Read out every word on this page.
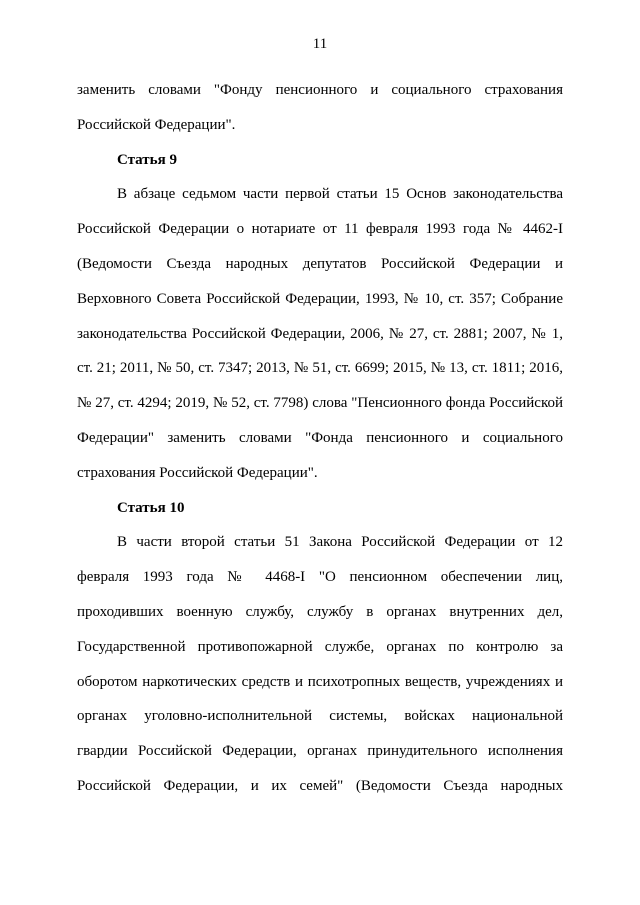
11

заменить словами "Фонду пенсионного и социального страхования Российской Федерации".

Статья 9

В абзаце седьмом части первой статьи 15 Основ законодательства Российской Федерации о нотариате от 11 февраля 1993 года № 4462-I (Ведомости Съезда народных депутатов Российской Федерации и Верховного Совета Российской Федерации, 1993, № 10, ст. 357; Собрание законодательства Российской Федерации, 2006, № 27, ст. 2881; 2007, № 1, ст. 21; 2011, № 50, ст. 7347; 2013, № 51, ст. 6699; 2015, № 13, ст. 1811; 2016, № 27, ст. 4294; 2019, № 52, ст. 7798) слова "Пенсионного фонда Российской Федерации" заменить словами "Фонда пенсионного и социального страхования Российской Федерации".

Статья 10

В части второй статьи 51 Закона Российской Федерации от 12 февраля 1993 года № 4468-I "О пенсионном обеспечении лиц, проходивших военную службу, службу в органах внутренних дел, Государственной противопожарной службе, органах по контролю за оборотом наркотических средств и психотропных веществ, учреждениях и органах уголовно-исполнительной системы, войсках национальной гвардии Российской Федерации, органах принудительного исполнения Российской Федерации, и их семей" (Ведомости Съезда народных
